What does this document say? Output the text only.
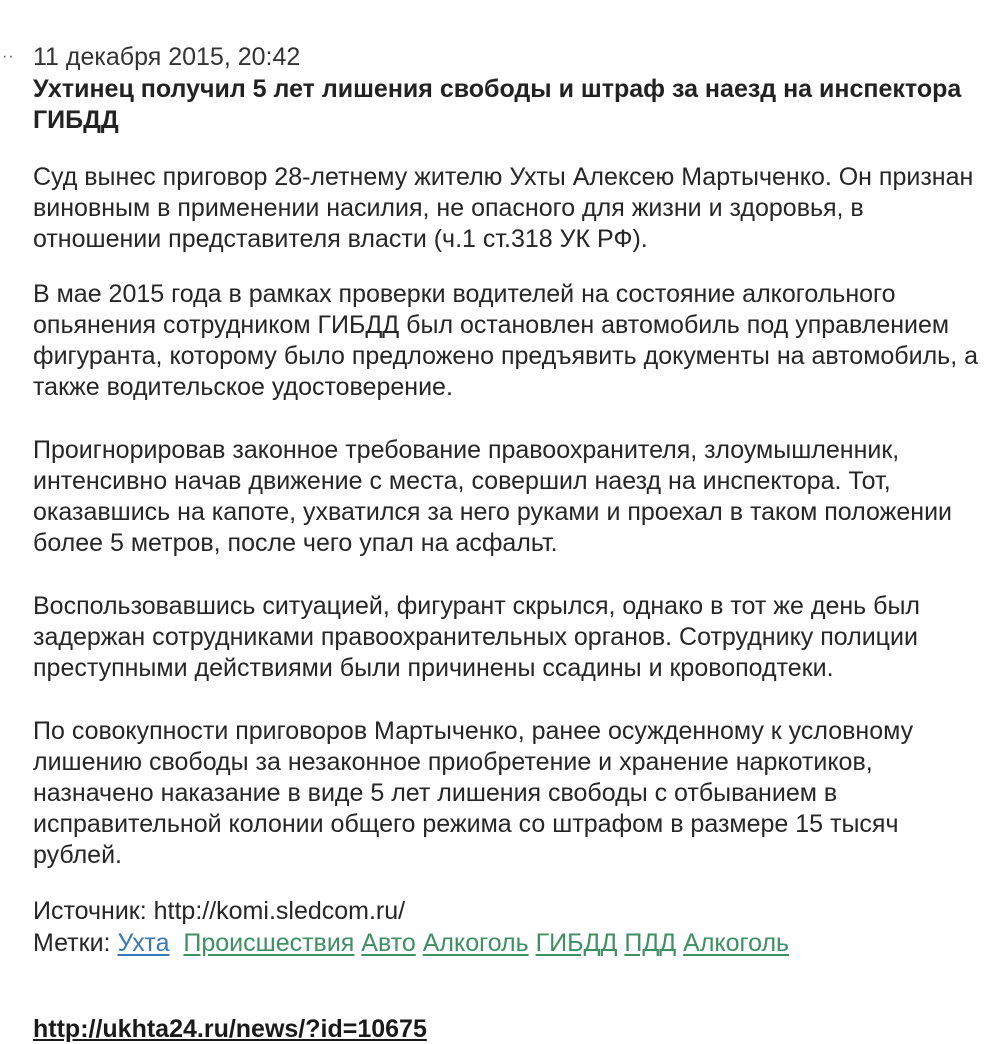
·· 11 декабря 2015, 20:42
Ухтинец получил 5 лет лишения свободы и штраф за наезд на инспектора ГИБДД

Суд вынес приговор 28-летнему жителю Ухты Алексею Мартыченко. Он признан виновным в применении насилия, не опасного для жизни и здоровья, в отношении представителя власти (ч.1 ст.318 УК РФ).

В мае 2015 года в рамках проверки водителей на состояние алкогольного опьянения сотрудником ГИБДД был остановлен автомобиль под управлением фигуранта, которому было предложено предъявить документы на автомобиль, а также водительское удостоверение.

Проигнорировав законное требование правоохранителя, злоумышленник, интенсивно начав движение с места, совершил наезд на инспектора. Тот, оказавшись на капоте, ухватился за него руками и проехал в таком положении более 5 метров, после чего упал на асфальт.

Воспользовавшись ситуацией, фигурант скрылся, однако в тот же день был задержан сотрудниками правоохранительных органов. Сотруднику полиции преступными действиями были причинены ссадины и кровоподтеки.

По совокупности приговоров Мартыченко, ранее осужденному к условному лишению свободы за незаконное приобретение и хранение наркотиков, назначено наказание в виде 5 лет лишения свободы с отбыванием в исправительной колонии общего режима со штрафом в размере 15 тысяч рублей.

Источник: http://komi.sledcom.ru/
Метки: Ухта Происшествия Авто Алкоголь ГИБДД ПДД Алкоголь
http://ukhta24.ru/news/?id=10675
